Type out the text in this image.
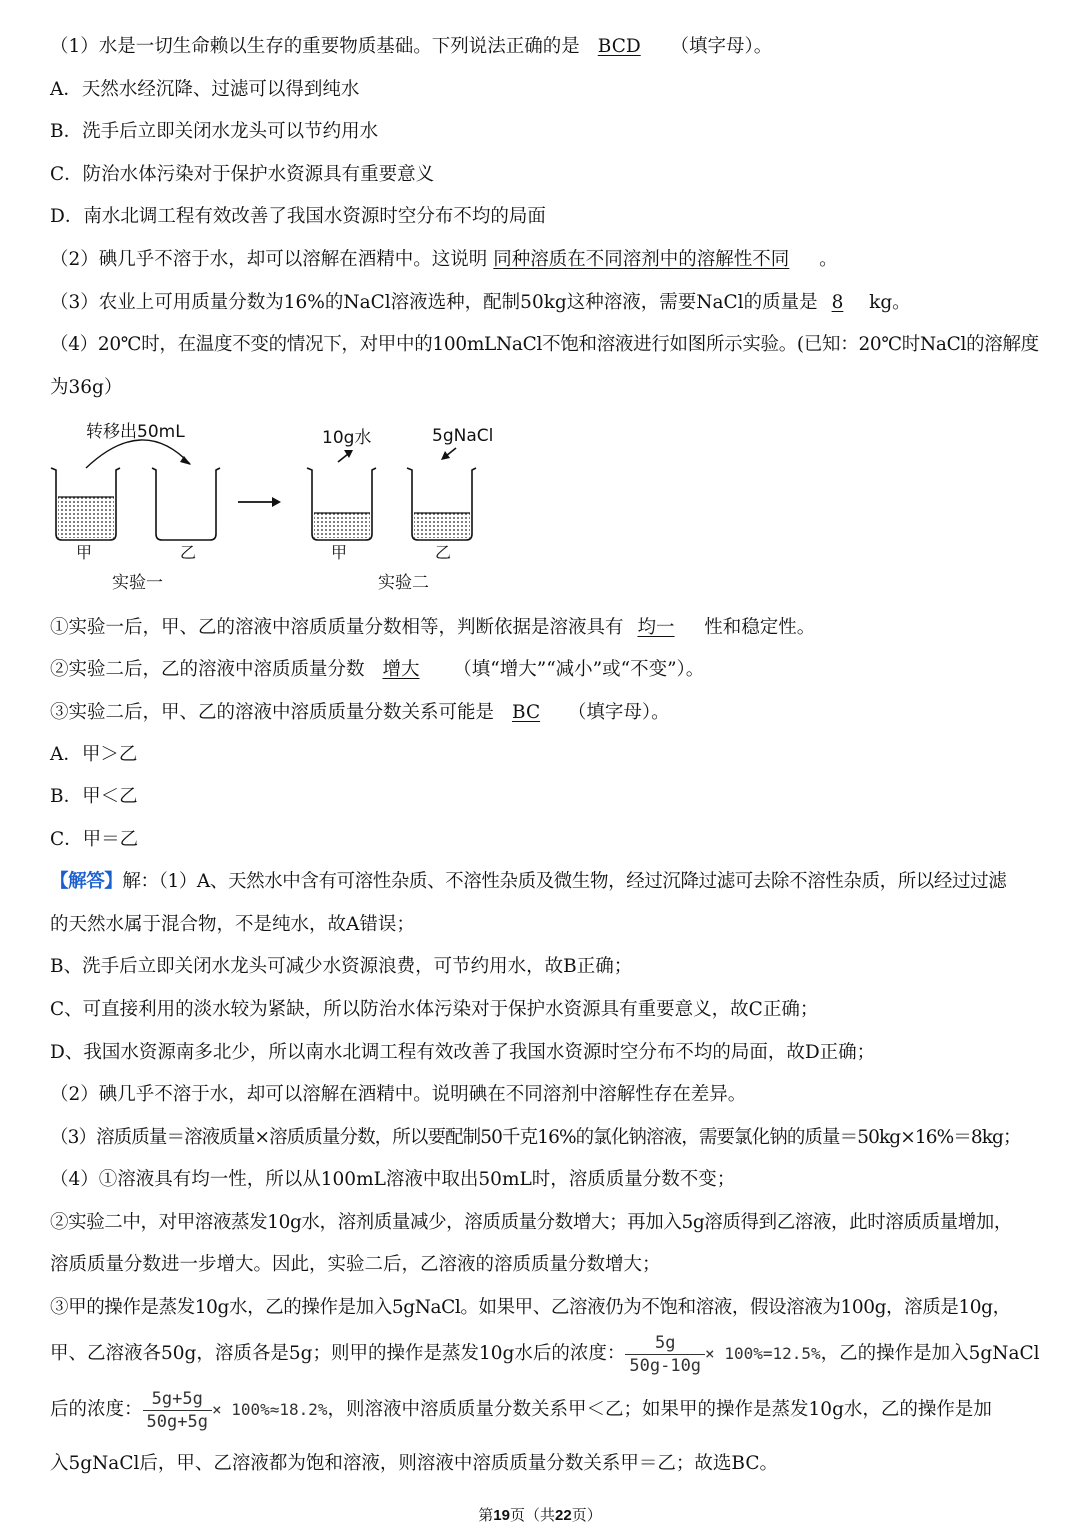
（1）水是一切生命赖以生存的重要物质基础。下列说法正确的是 BCD （填字母）。
A．天然水经沉降、过滤可以得到纯水
B．洗手后立即关闭水龙头可以节约用水
C．防治水体污染对于保护水资源具有重要意义
D．南水北调工程有效改善了我国水资源时空分布不均的局面
（2）碘几乎不溶于水，却可以溶解在酒精中。这说明 同种溶质在不同溶剂中的溶解性不同 。
（3）农业上可用质量分数为16%的NaCl溶液选种，配制50kg这种溶液，需要NaCl的质量是 8 kg。
（4）20℃时，在温度不变的情况下，对甲中的100mLNaCl不饱和溶液进行如图所示实验。(已知：20℃时NaCl的溶解度
为36g）
转移出50mL	10g水	5gNaCl
甲	乙	甲	乙
实验一	实验二
①实验一后，甲、乙的溶液中溶质质量分数相等，判断依据是溶液具有 均一 性和稳定性。
②实验二后，乙的溶液中溶质质量分数 增大 （填“增大”“减小”或“不变”）。
③实验二后，甲、乙的溶液中溶质质量分数关系可能是 BC （填字母）。
A．甲＞乙
B．甲＜乙
C．甲＝乙
【解答】解：（1）A、天然水中含有可溶性杂质、不溶性杂质及微生物，经过沉降过滤可去除不溶性杂质，所以经过过滤
的天然水属于混合物，不是纯水，故A错误；
B、洗手后立即关闭水龙头可减少水资源浪费，可节约用水，故B正确；
C、可直接利用的淡水较为紧缺，所以防治水体污染对于保护水资源具有重要意义，故C正确；
D、我国水资源南多北少，所以南水北调工程有效改善了我国水资源时空分布不均的局面，故D正确；
（2）碘几乎不溶于水，却可以溶解在酒精中。说明碘在不同溶剂中溶解性存在差异。
（3）溶质质量＝溶液质量×溶质质量分数，所以要配制50千克16%的氯化钠溶液，需要氯化钠的质量＝50kg×16%＝8kg；
（4）①溶液具有均一性，所以从100mL溶液中取出50mL时，溶质质量分数不变；
②实验二中，对甲溶液蒸发10g水，溶剂质量减少，溶质质量分数增大；再加入5g溶质得到乙溶液，此时溶质质量增加，
溶质质量分数进一步增大。因此，实验二后，乙溶液的溶质质量分数增大；
③甲的操作是蒸发10g水，乙的操作是加入5gNaCl。如果甲、乙溶液仍为不饱和溶液，假设溶液为100g，溶质是10g，
甲、乙溶液各50g，溶质各是5g；则甲的操作是蒸发10g水后的浓度： $\frac{5g}{50g-10g} \times 100\%=12.5\%$，乙的操作是加入5gNaCl
后的浓度： $\frac{5g+5g}{50g+5g} \times 100\%\approx 18.2\%$，则溶液中溶质质量分数关系甲＜乙；如果甲的操作是蒸发10g水，乙的操作是加
入5gNaCl后，甲、乙溶液都为饱和溶液，则溶液中溶质质量分数关系甲＝乙；故选BC。
第19页（共22页）
